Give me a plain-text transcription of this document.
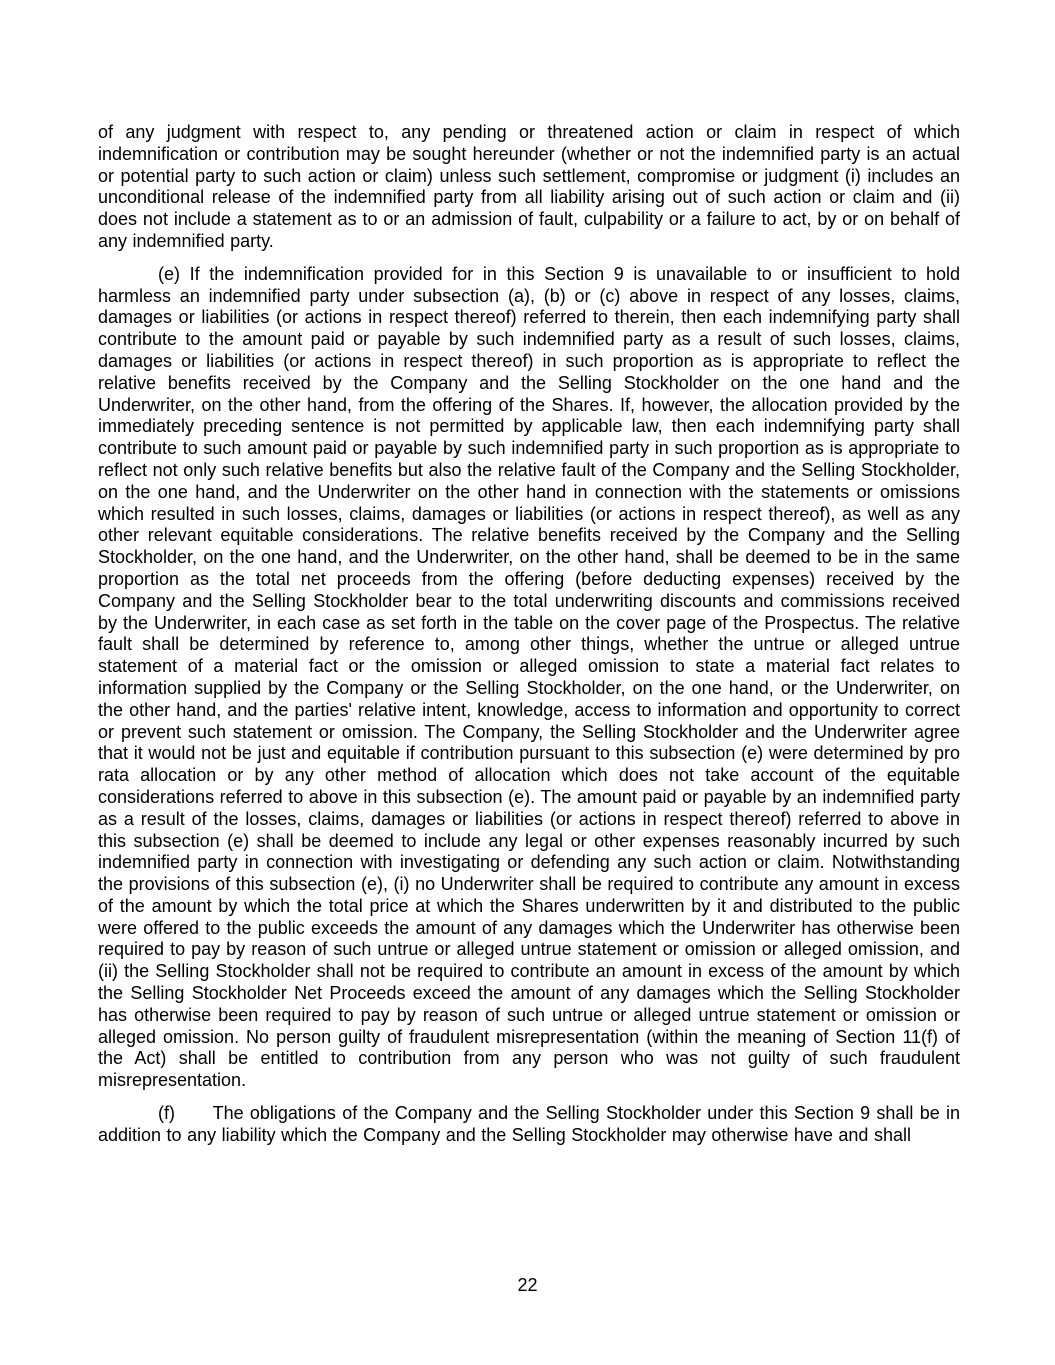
of any judgment with respect to, any pending or threatened action or claim in respect of which indemnification or contribution may be sought hereunder (whether or not the indemnified party is an actual or potential party to such action or claim) unless such settlement, compromise or judgment (i) includes an unconditional release of the indemnified party from all liability arising out of such action or claim and (ii) does not include a statement as to or an admission of fault, culpability or a failure to act, by or on behalf of any indemnified party.

(e) If the indemnification provided for in this Section 9 is unavailable to or insufficient to hold harmless an indemnified party under subsection (a), (b) or (c) above in respect of any losses, claims, damages or liabilities (or actions in respect thereof) referred to therein, then each indemnifying party shall contribute to the amount paid or payable by such indemnified party as a result of such losses, claims, damages or liabilities (or actions in respect thereof) in such proportion as is appropriate to reflect the relative benefits received by the Company and the Selling Stockholder on the one hand and the Underwriter, on the other hand, from the offering of the Shares. If, however, the allocation provided by the immediately preceding sentence is not permitted by applicable law, then each indemnifying party shall contribute to such amount paid or payable by such indemnified party in such proportion as is appropriate to reflect not only such relative benefits but also the relative fault of the Company and the Selling Stockholder, on the one hand, and the Underwriter on the other hand in connection with the statements or omissions which resulted in such losses, claims, damages or liabilities (or actions in respect thereof), as well as any other relevant equitable considerations. The relative benefits received by the Company and the Selling Stockholder, on the one hand, and the Underwriter, on the other hand, shall be deemed to be in the same proportion as the total net proceeds from the offering (before deducting expenses) received by the Company and the Selling Stockholder bear to the total underwriting discounts and commissions received by the Underwriter, in each case as set forth in the table on the cover page of the Prospectus. The relative fault shall be determined by reference to, among other things, whether the untrue or alleged untrue statement of a material fact or the omission or alleged omission to state a material fact relates to information supplied by the Company or the Selling Stockholder, on the one hand, or the Underwriter, on the other hand, and the parties' relative intent, knowledge, access to information and opportunity to correct or prevent such statement or omission. The Company, the Selling Stockholder and the Underwriter agree that it would not be just and equitable if contribution pursuant to this subsection (e) were determined by pro rata allocation or by any other method of allocation which does not take account of the equitable considerations referred to above in this subsection (e). The amount paid or payable by an indemnified party as a result of the losses, claims, damages or liabilities (or actions in respect thereof) referred to above in this subsection (e) shall be deemed to include any legal or other expenses reasonably incurred by such indemnified party in connection with investigating or defending any such action or claim. Notwithstanding the provisions of this subsection (e), (i) no Underwriter shall be required to contribute any amount in excess of the amount by which the total price at which the Shares underwritten by it and distributed to the public were offered to the public exceeds the amount of any damages which the Underwriter has otherwise been required to pay by reason of such untrue or alleged untrue statement or omission or alleged omission, and (ii) the Selling Stockholder shall not be required to contribute an amount in excess of the amount by which the Selling Stockholder Net Proceeds exceed the amount of any damages which the Selling Stockholder has otherwise been required to pay by reason of such untrue or alleged untrue statement or omission or alleged omission. No person guilty of fraudulent misrepresentation (within the meaning of Section 11(f) of the Act) shall be entitled to contribution from any person who was not guilty of such fraudulent misrepresentation.

(f)      The obligations of the Company and the Selling Stockholder under this Section 9 shall be in addition to any liability which the Company and the Selling Stockholder may otherwise have and shall

22
